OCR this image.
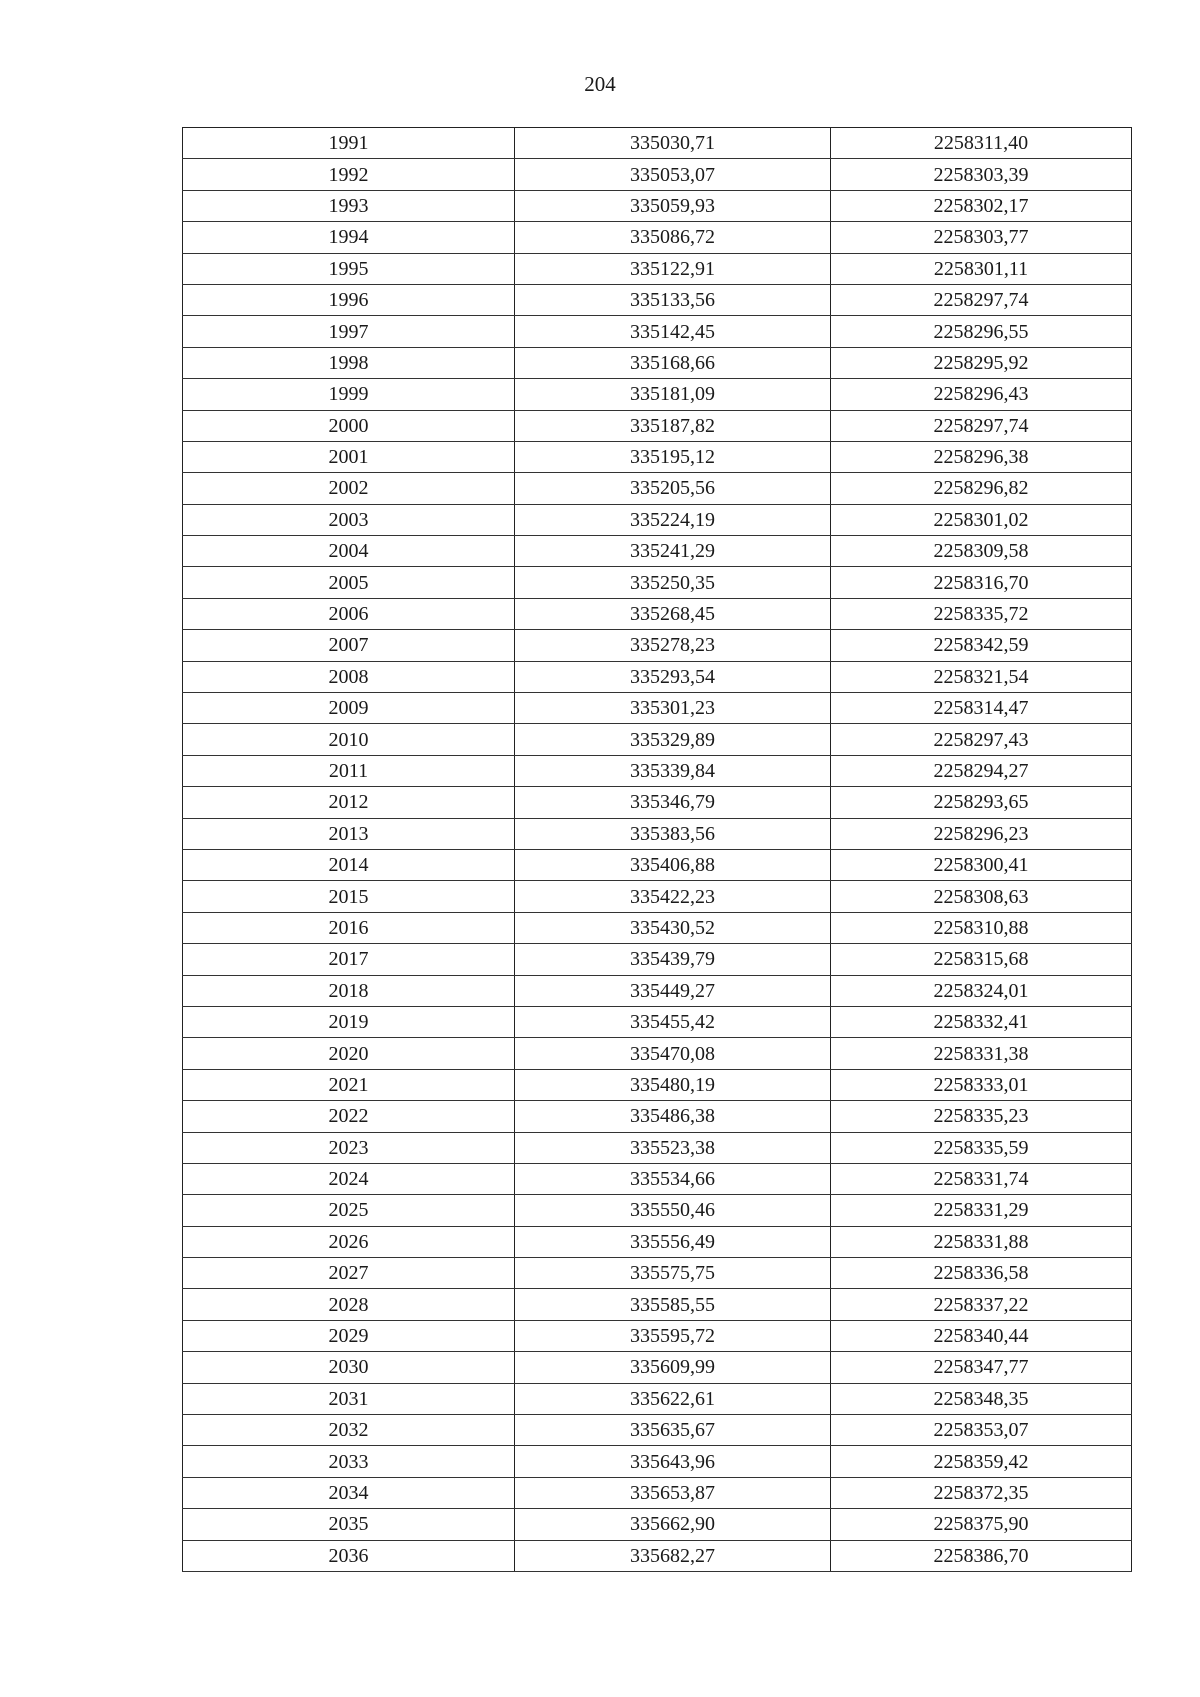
204
1991	335030,71	2258311,40
1992	335053,07	2258303,39
1993	335059,93	2258302,17
1994	335086,72	2258303,77
1995	335122,91	2258301,11
1996	335133,56	2258297,74
1997	335142,45	2258296,55
1998	335168,66	2258295,92
1999	335181,09	2258296,43
2000	335187,82	2258297,74
2001	335195,12	2258296,38
2002	335205,56	2258296,82
2003	335224,19	2258301,02
2004	335241,29	2258309,58
2005	335250,35	2258316,70
2006	335268,45	2258335,72
2007	335278,23	2258342,59
2008	335293,54	2258321,54
2009	335301,23	2258314,47
2010	335329,89	2258297,43
2011	335339,84	2258294,27
2012	335346,79	2258293,65
2013	335383,56	2258296,23
2014	335406,88	2258300,41
2015	335422,23	2258308,63
2016	335430,52	2258310,88
2017	335439,79	2258315,68
2018	335449,27	2258324,01
2019	335455,42	2258332,41
2020	335470,08	2258331,38
2021	335480,19	2258333,01
2022	335486,38	2258335,23
2023	335523,38	2258335,59
2024	335534,66	2258331,74
2025	335550,46	2258331,29
2026	335556,49	2258331,88
2027	335575,75	2258336,58
2028	335585,55	2258337,22
2029	335595,72	2258340,44
2030	335609,99	2258347,77
2031	335622,61	2258348,35
2032	335635,67	2258353,07
2033	335643,96	2258359,42
2034	335653,87	2258372,35
2035	335662,90	2258375,90
2036	335682,27	2258386,70
